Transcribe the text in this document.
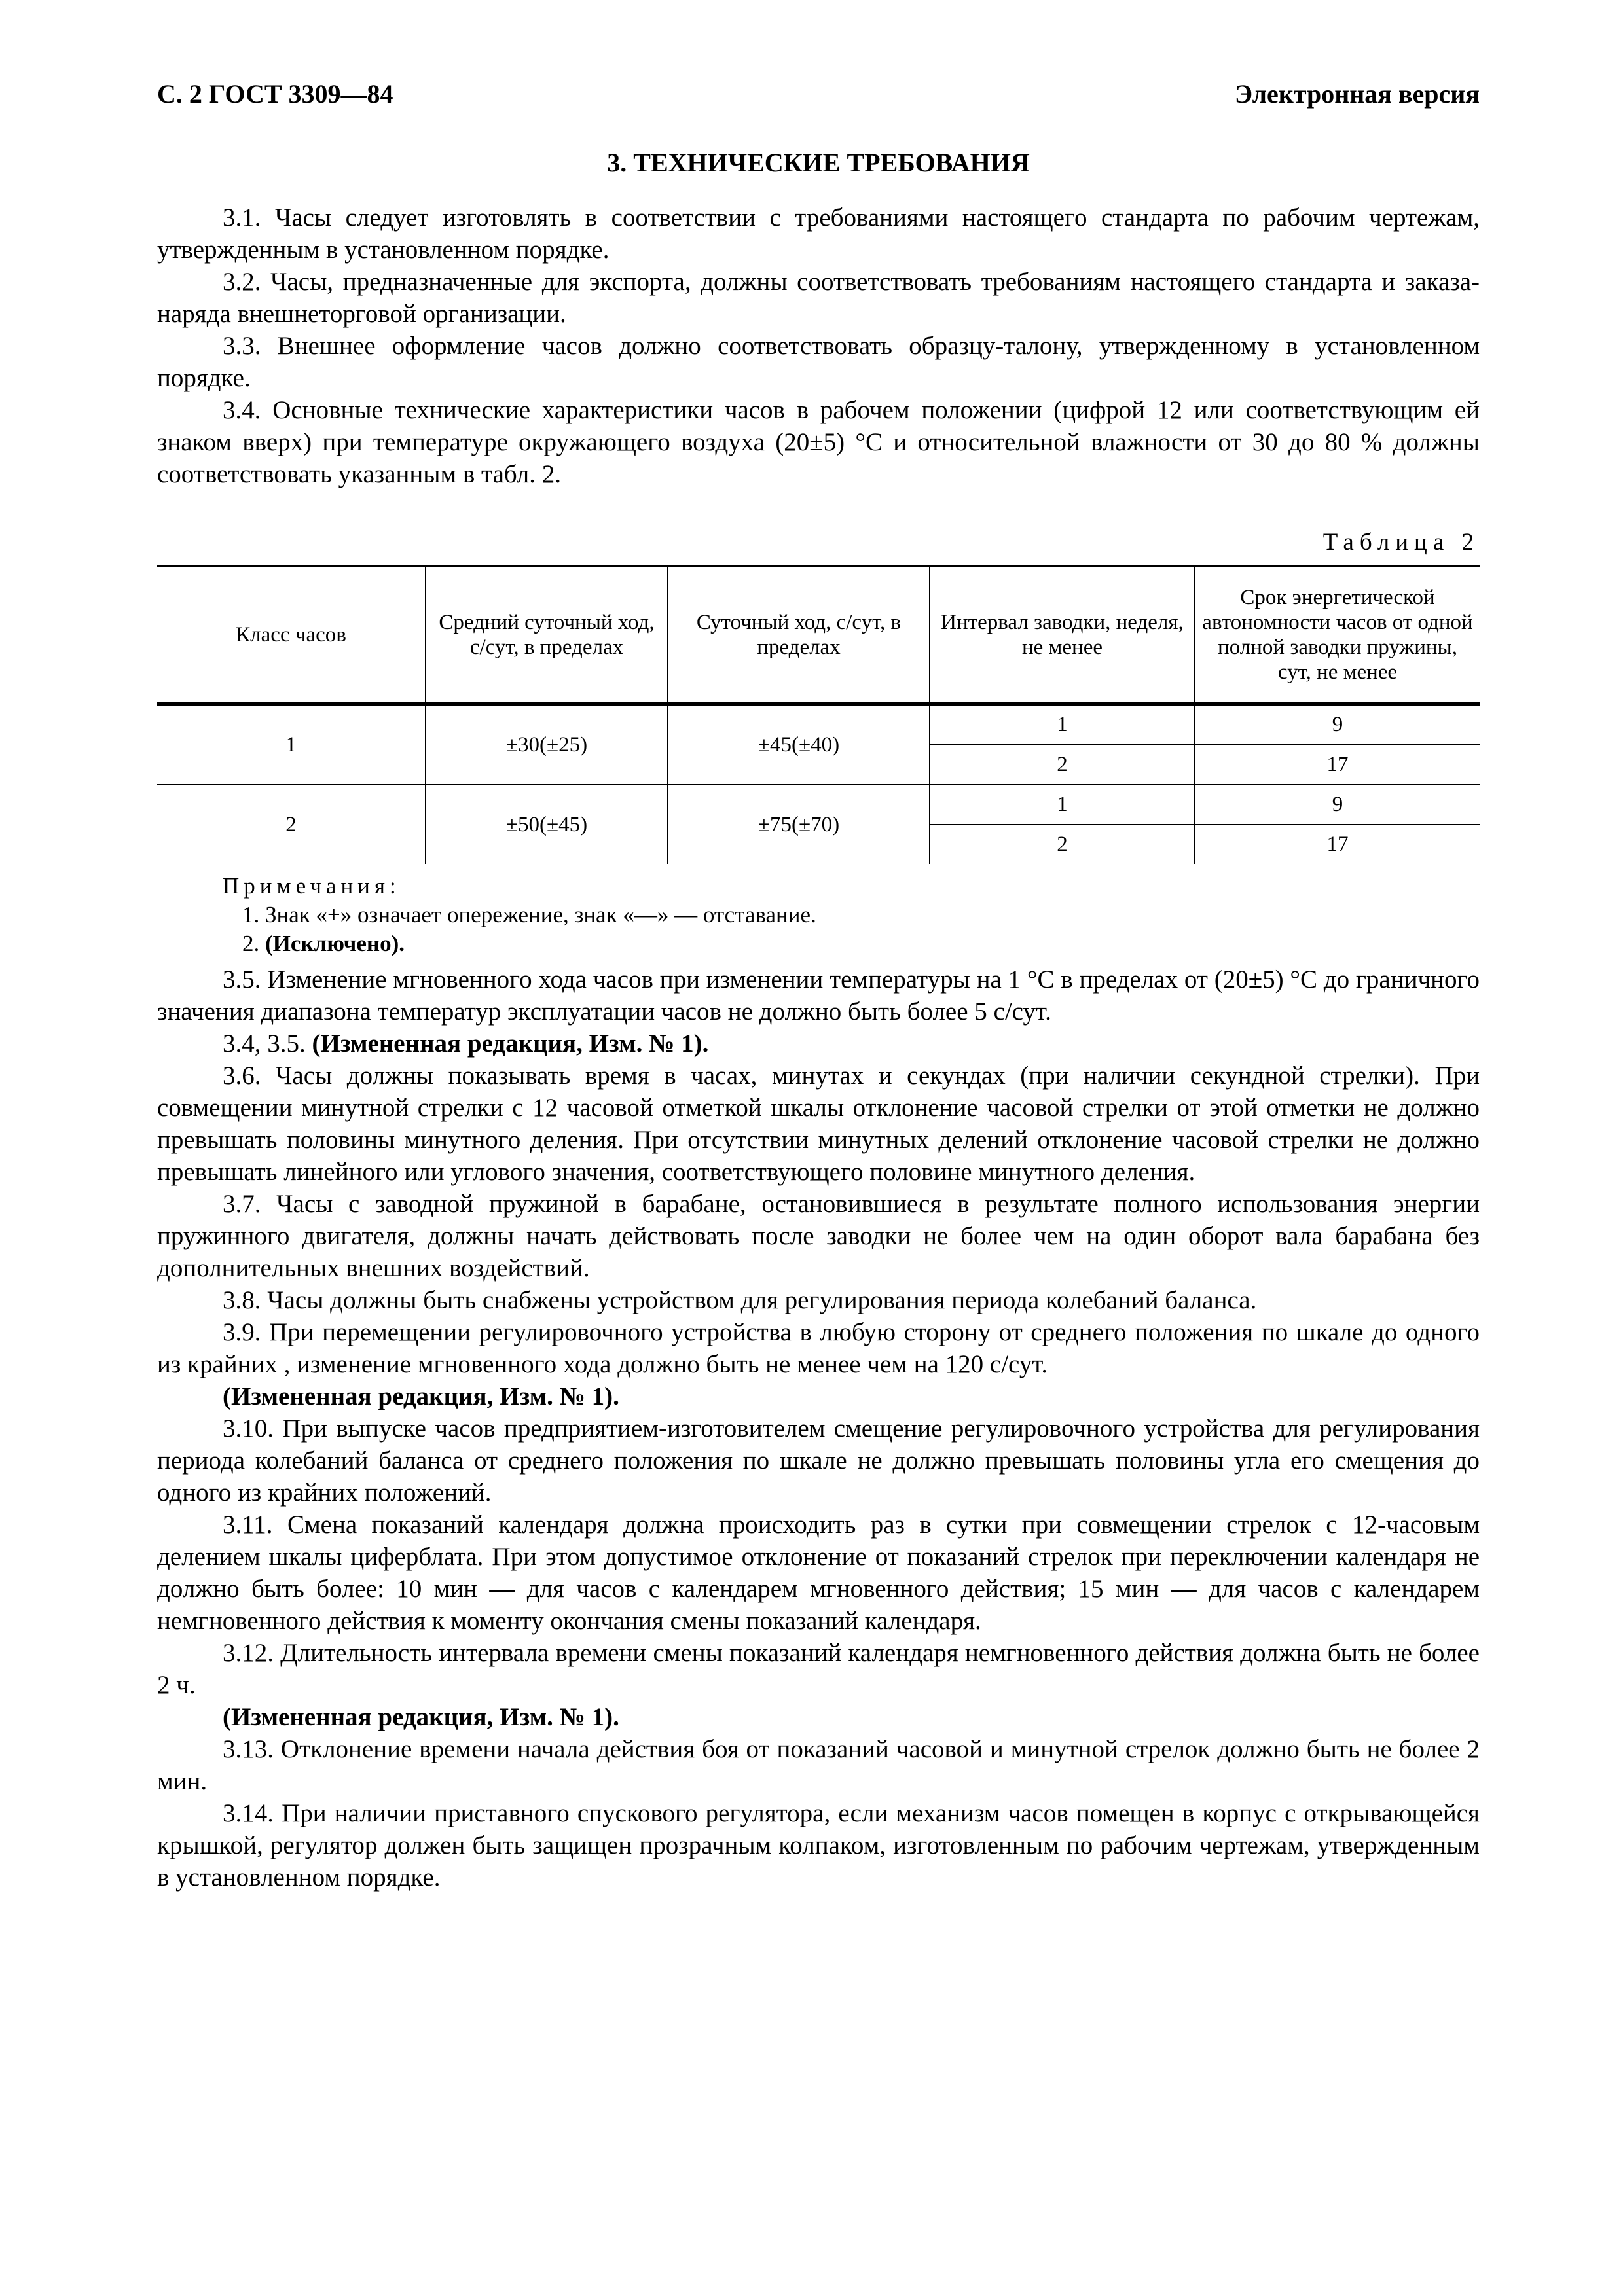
С. 2 ГОСТ 3309—84	Электронная версия
3. ТЕХНИЧЕСКИЕ ТРЕБОВАНИЯ

3.1. Часы следует изготовлять в соответствии с требованиями настоящего стандарта по рабочим чертежам, утвержденным в установленном порядке.

3.2. Часы, предназначенные для экспорта, должны соответствовать требованиям настоящего стандарта и заказа-наряда внешнеторговой организации.

3.3. Внешнее оформление часов должно соответствовать образцу-талону, утвержденному в установленном порядке.

3.4. Основные технические характеристики часов в рабочем положении (цифрой 12 или соответствующим ей знаком вверх) при температуре окружающего воздуха (20±5) °С и относительной влажности от 30 до 80 % должны соответствовать указанным в табл. 2.

Таблица 2
Класс часов	Средний суточный ход, с/сут, в пределах	Суточный ход, с/сут, в пределах	Интервал заводки, неделя, не менее	Срок энергетической автономности часов от одной полной заводки пружины, сут, не менее
1	±30(±25)	±45(±40)	1	9
			2	17
2	±50(±45)	±75(±70)	1	9
			2	17
Примечания:
1. Знак «+» означает опережение, знак «—» — отставание.
2. (Исключено).

3.5. Изменение мгновенного хода часов при изменении температуры на 1 °С в пределах от (20±5) °С до граничного значения диапазона температур эксплуатации часов не должно быть более 5 с/сут.

3.4, 3.5. (Измененная редакция, Изм. № 1).

3.6. Часы должны показывать время в часах, минутах и секундах (при наличии секундной стрелки). При совмещении минутной стрелки с 12 часовой отметкой шкалы отклонение часовой стрелки от этой отметки не должно превышать половины минутного деления. При отсутствии минутных делений отклонение часовой стрелки не должно превышать линейного или углового значения, соответствующего половине минутного деления.

3.7. Часы с заводной пружиной в барабане, остановившиеся в результате полного использования энергии пружинного двигателя, должны начать действовать после заводки не более чем на один оборот вала барабана без дополнительных внешних воздействий.

3.8. Часы должны быть снабжены устройством для регулирования периода колебаний баланса.

3.9. При перемещении регулировочного устройства в любую сторону от среднего положения по шкале до одного из крайних , изменение мгновенного хода должно быть не менее чем на 120 с/сут.

(Измененная редакция, Изм. № 1).

3.10. При выпуске часов предприятием-изготовителем смещение регулировочного устройства для регулирования периода колебаний баланса от среднего положения по шкале не должно превышать половины угла его смещения до одного из крайних положений.

3.11. Смена показаний календаря должна происходить раз в сутки при совмещении стрелок с 12-часовым делением шкалы циферблата. При этом допустимое отклонение от показаний стрелок при переключении календаря не должно быть более: 10 мин — для часов с календарем мгновенного действия; 15 мин — для часов с календарем немгновенного действия к моменту окончания смены показаний календаря.

3.12. Длительность интервала времени смены показаний календаря немгновенного действия должна быть не более 2 ч.

(Измененная редакция, Изм. № 1).

3.13. Отклонение времени начала действия боя от показаний часовой и минутной стрелок должно быть не более 2 мин.

3.14. При наличии приставного спускового регулятора, если механизм часов помещен в корпус с открывающейся крышкой, регулятор должен быть защищен прозрачным колпаком, изготовленным по рабочим чертежам, утвержденным в установленном порядке.
